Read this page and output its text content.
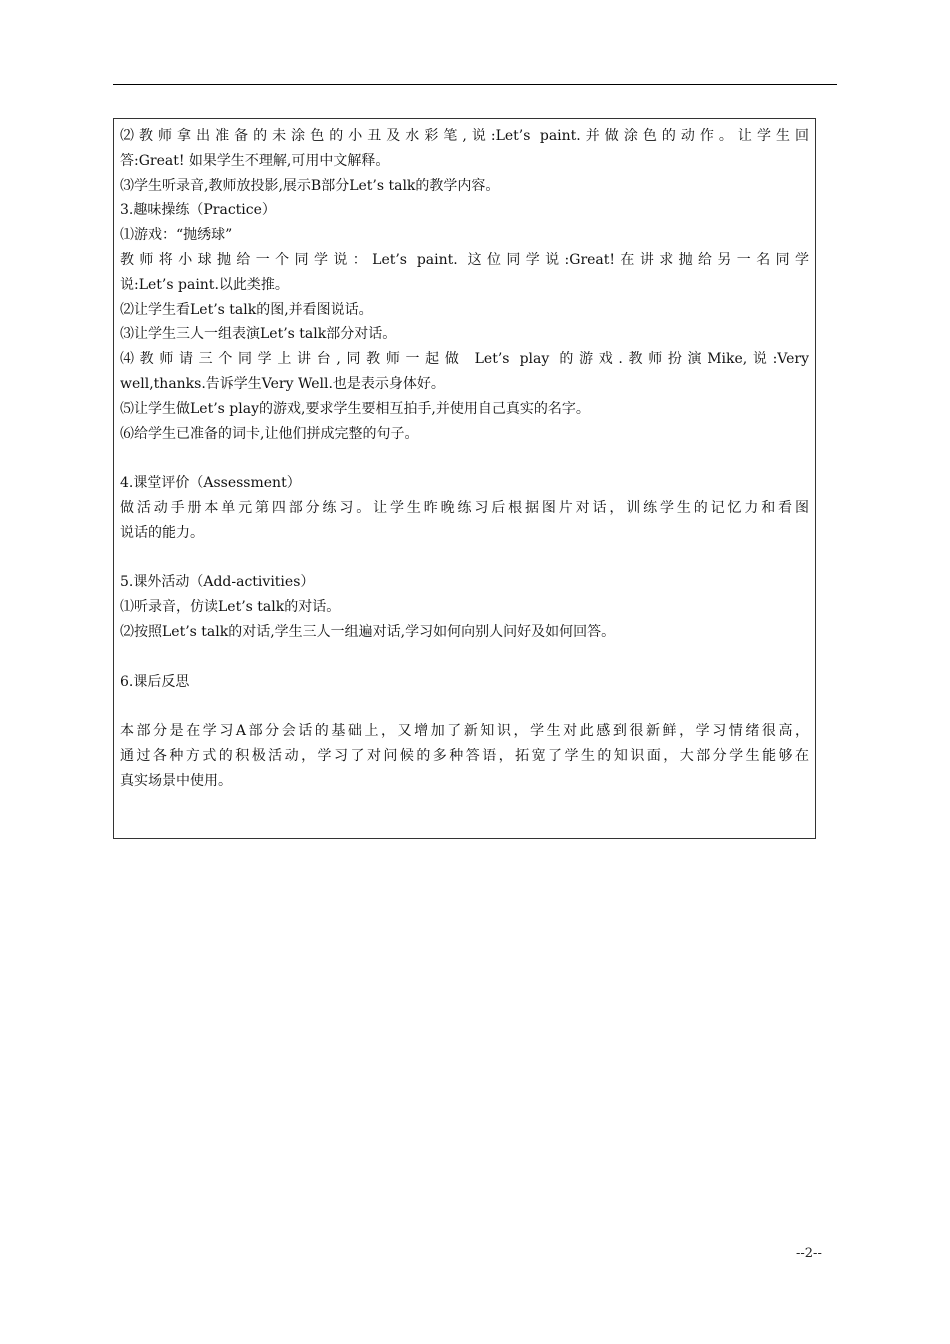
⑵教师拿出准备的未涂色的小丑及水彩笔,说:Let’s paint.并做涂色的动作。让学生回
答:Great! 如果学生不理解,可用中文解释。
⑶学生听录音,教师放投影,展示B部分Let’s talk的教学内容。
3.趣味操练（Practice）
⑴游戏：“抛绣球”
教师将小球抛给一个同学说：Let’s paint. 这位同学说:Great!在讲求抛给另一名同学
说:Let’s paint.以此类推。
⑵让学生看Let’s talk的图,并看图说话。
⑶让学生三人一组表演Let’s talk部分对话。
⑷教师请三个同学上讲台,同教师一起做 Let’s play 的游戏.教师扮演Mike,说:Very
well,thanks.告诉学生Very Well.也是表示身体好。
⑸让学生做Let’s play的游戏,要求学生要相互拍手,并使用自己真实的名字。
⑹给学生已准备的词卡,让他们拼成完整的句子。
4.课堂评价（Assessment）
做活动手册本单元第四部分练习。让学生昨晚练习后根据图片对话，训练学生的记忆力和看图
说话的能力。
5.课外活动（Add-activities）
⑴听录音，仿读Let’s talk的对话。
⑵按照Let’s talk的对话,学生三人一组遍对话,学习如何向别人问好及如何回答。
6.课后反思
本部分是在学习A部分会话的基础上，又增加了新知识，学生对此感到很新鲜，学习情绪很高，
通过各种方式的积极活动，学习了对问候的多种答语，拓宽了学生的知识面，大部分学生能够在
真实场景中使用。
--2--
